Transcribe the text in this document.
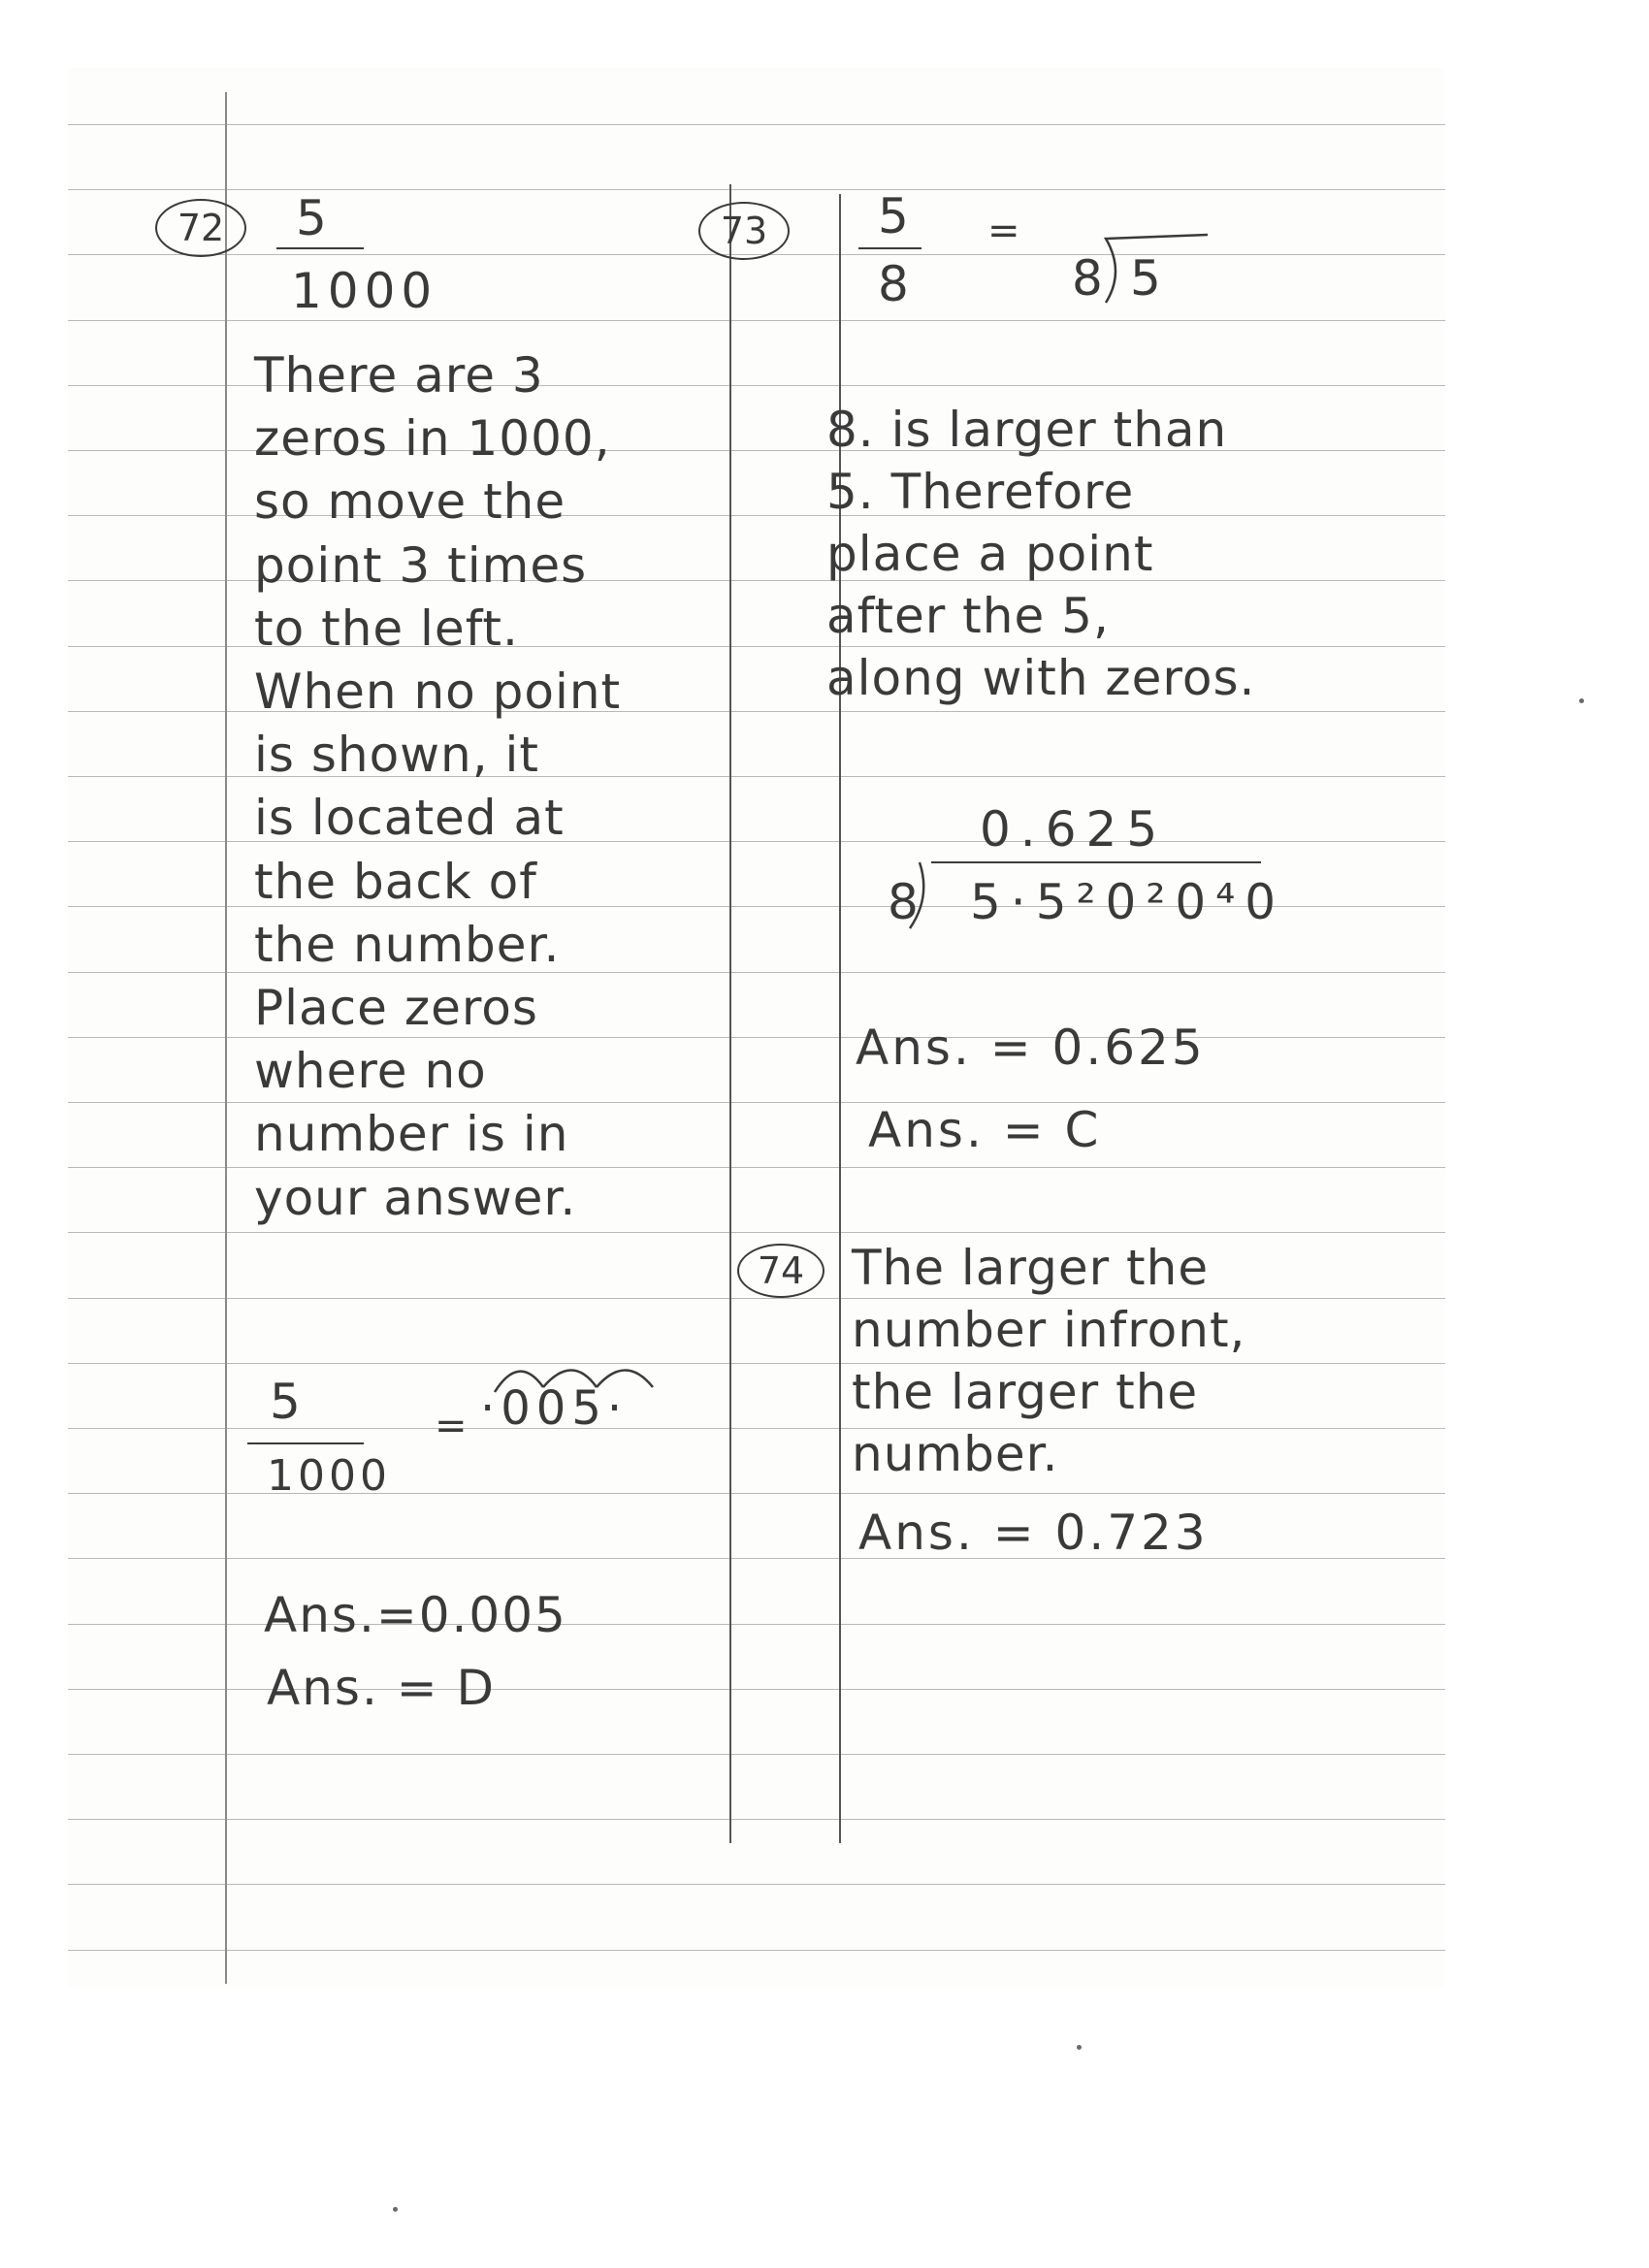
72 5

1000

There are 3

zeros in 1000,

so move the

point 3 times

to the left.

When no point

is shown, it

is located at

the back of

the number.

Place zeros

where no

number is in

your answer.

5

1000

= ·005·

Ans.=0.005

Ans. = D

73 5

8

=

8 5

8. is larger than

5. Therefore

place a point

after the 5,

along with zeros.

0.625

8 5·5²0²0⁴0

Ans. = 0.625

Ans. = C

74 The larger the

number infront,

the larger the

number.

Ans. = 0.723
